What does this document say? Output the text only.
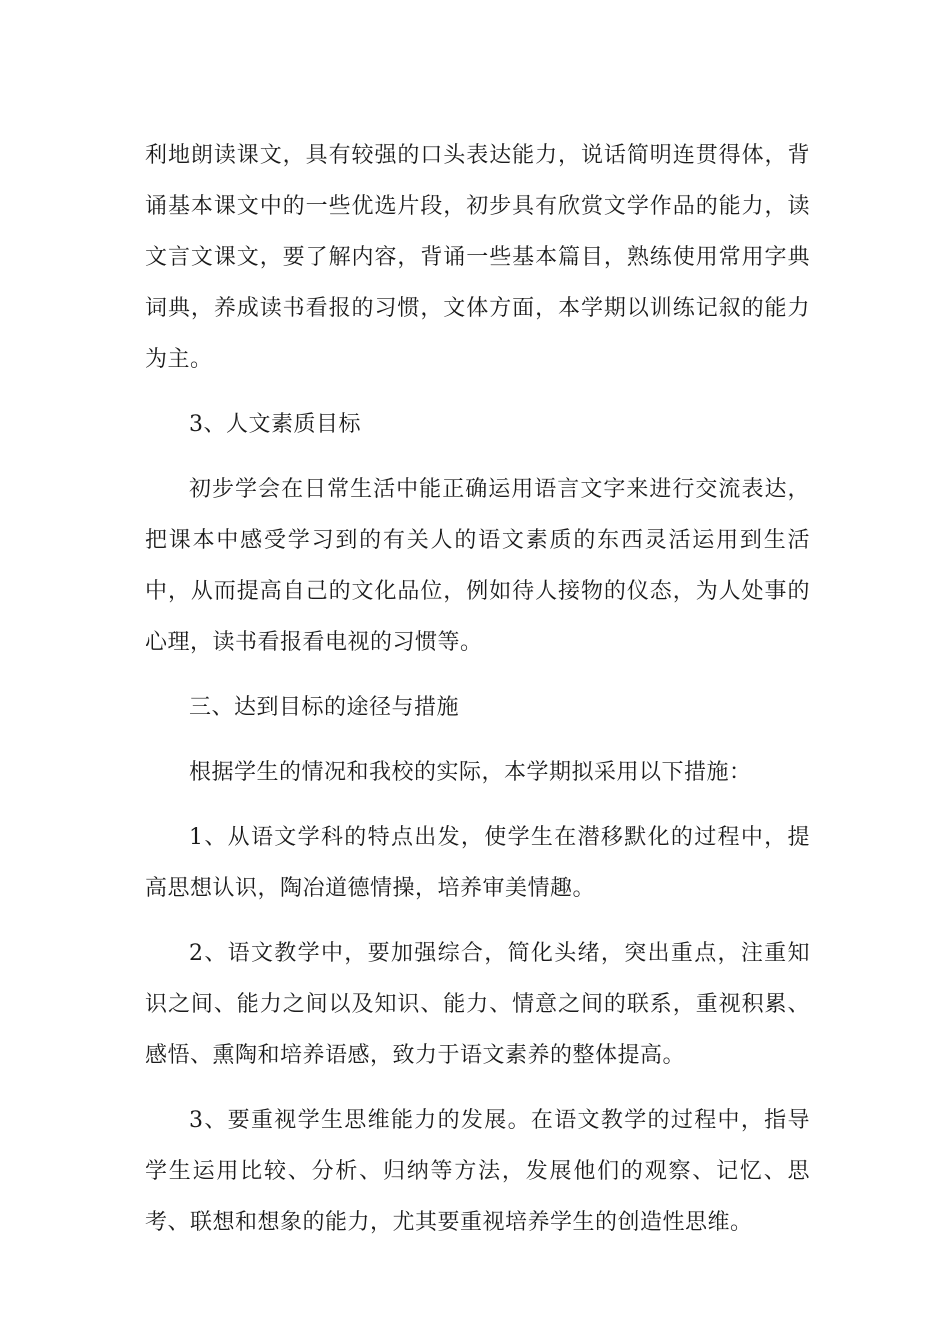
利地朗读课文，具有较强的口头表达能力，说话简明连贯得体，背诵基本课文中的一些优选片段，初步具有欣赏文学作品的能力，读文言文课文，要了解内容，背诵一些基本篇目，熟练使用常用字典词典，养成读书看报的习惯，文体方面，本学期以训练记叙的能力为主。

3、人文素质目标

初步学会在日常生活中能正确运用语言文字来进行交流表达，把课本中感受学习到的有关人的语文素质的东西灵活运用到生活中，从而提高自己的文化品位，例如待人接物的仪态，为人处事的心理，读书看报看电视的习惯等。

三、达到目标的途径与措施

根据学生的情况和我校的实际，本学期拟采用以下措施：

1、从语文学科的特点出发，使学生在潜移默化的过程中，提高思想认识，陶冶道德情操，培养审美情趣。

2、语文教学中，要加强综合，简化头绪，突出重点，注重知识之间、能力之间以及知识、能力、情意之间的联系，重视积累、感悟、熏陶和培养语感，致力于语文素养的整体提高。

3、要重视学生思维能力的发展。在语文教学的过程中，指导学生运用比较、分析、归纳等方法，发展他们的观察、记忆、思考、联想和想象的能力，尤其要重视培养学生的创造性思维。
